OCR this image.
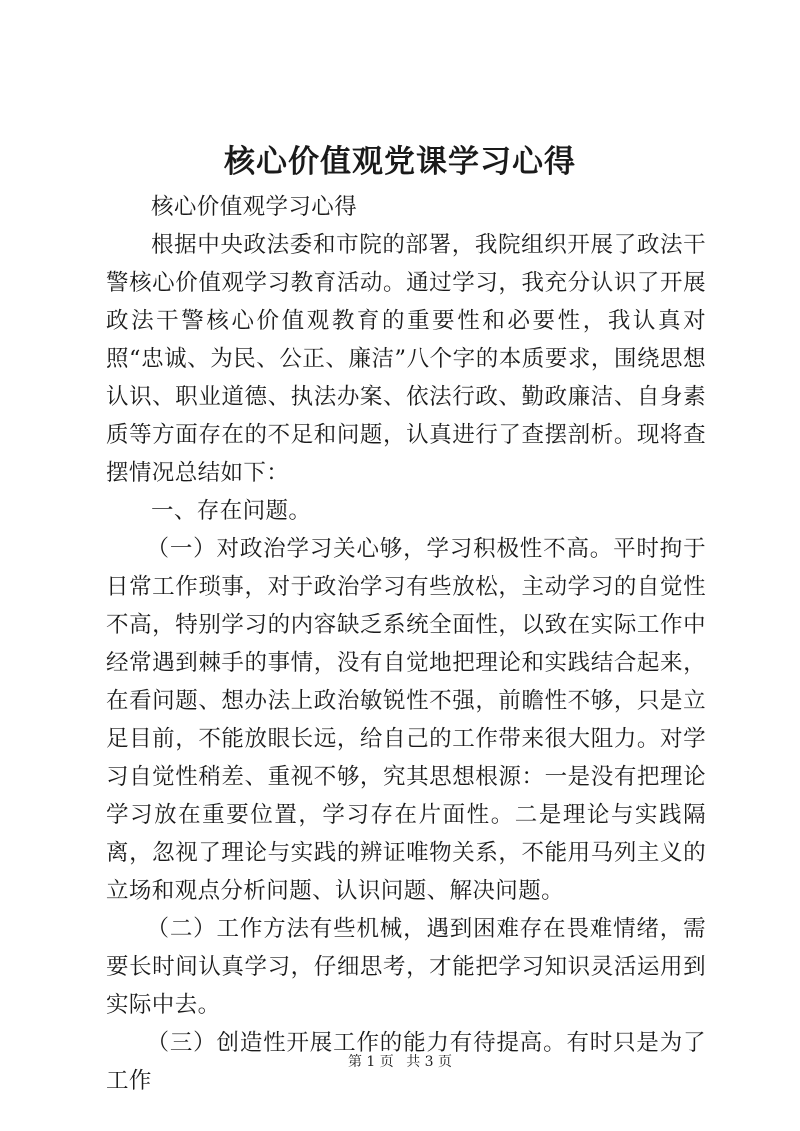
核心价值观党课学习心得

核心价值观学习心得

根据中央政法委和市院的部署，我院组织开展了政法干警核心价值观学习教育活动。通过学习，我充分认识了开展政法干警核心价值观教育的重要性和必要性，我认真对照“忠诚、为民、公正、廉洁”八个字的本质要求，围绕思想认识、职业道德、执法办案、依法行政、勤政廉洁、自身素质等方面存在的不足和问题，认真进行了查摆剖析。现将查摆情况总结如下：

一、存在问题。

（一）对政治学习关心够，学习积极性不高。平时拘于日常工作琐事，对于政治学习有些放松，主动学习的自觉性不高，特别学习的内容缺乏系统全面性，以致在实际工作中经常遇到棘手的事情，没有自觉地把理论和实践结合起来，在看问题、想办法上政治敏锐性不强，前瞻性不够，只是立足目前，不能放眼长远，给自己的工作带来很大阻力。对学习自觉性稍差、重视不够，究其思想根源：一是没有把理论学习放在重要位置，学习存在片面性。二是理论与实践隔离，忽视了理论与实践的辨证唯物关系，不能用马列主义的立场和观点分析问题、认识问题、解决问题。

（二）工作方法有些机械，遇到困难存在畏难情绪，需要长时间认真学习，仔细思考，才能把学习知识灵活运用到实际中去。

（三）创造性开展工作的能力有待提高。有时只是为了工作

第 1 页 共 3 页
